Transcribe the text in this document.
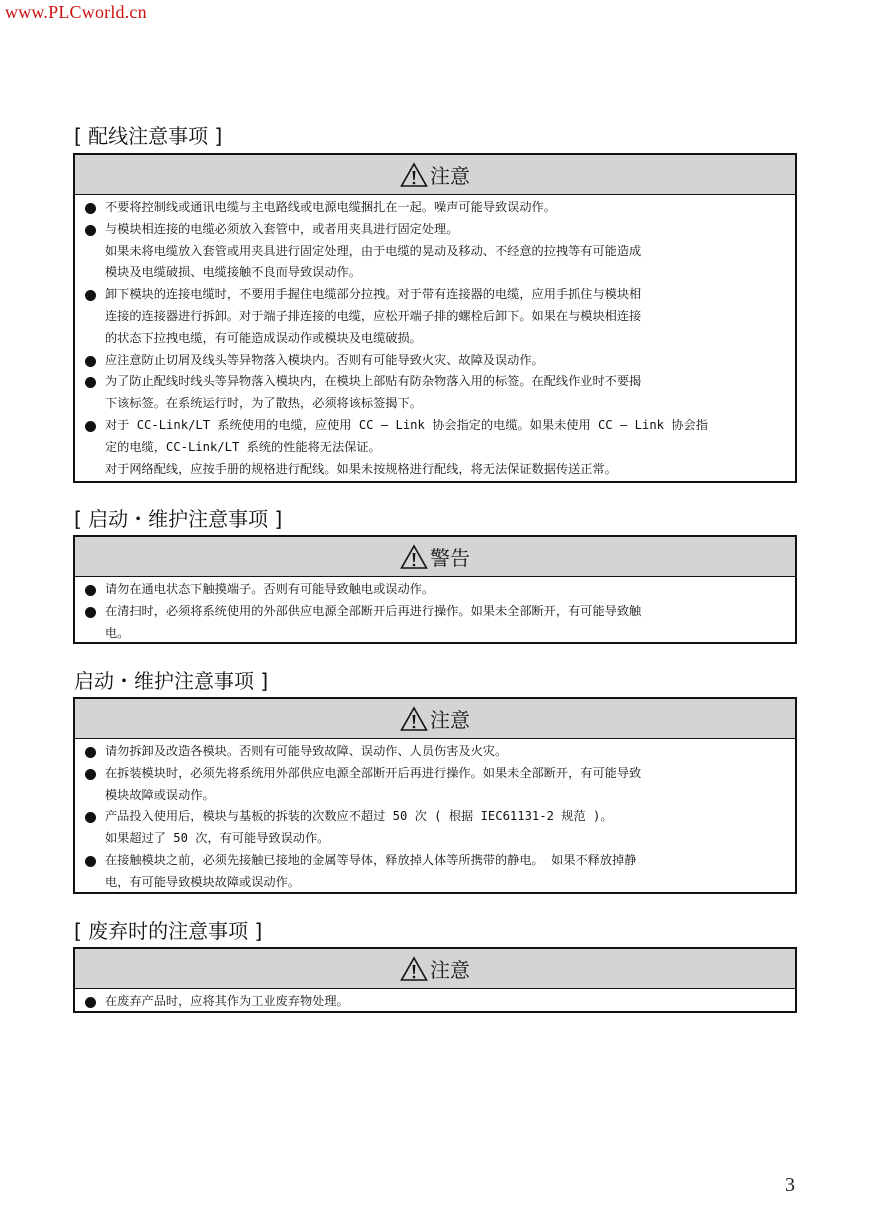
www.PLCworld.cn
[ 配线注意事项 ]
注意
不要将控制线或通讯电缆与主电路线或电源电缆捆扎在一起。噪声可能导致误动作。
与模块相连接的电缆必须放入套管中，或者用夹具进行固定处理。
如果未将电缆放入套管或用夹具进行固定处理，由于电缆的晃动及移动、不经意的拉拽等有可能造成
模块及电缆破损、电缆接触不良而导致误动作。
卸下模块的连接电缆时，不要用手握住电缆部分拉拽。对于带有连接器的电缆，应用手抓住与模块相
连接的连接器进行拆卸。对于端子排连接的电缆，应松开端子排的螺栓后卸下。如果在与模块相连接
的状态下拉拽电缆，有可能造成误动作或模块及电缆破损。
应注意防止切屑及线头等异物落入模块内。否则有可能导致火灾、故障及误动作。
为了防止配线时线头等异物落入模块内，在模块上部贴有防杂物落入用的标签。在配线作业时不要揭
下该标签。在系统运行时，为了散热，必须将该标签揭下。
对于 CC-Link/LT 系统使用的电缆，应使用 CC – Link 协会指定的电缆。如果未使用 CC – Link 协会指
定的电缆，CC-Link/LT 系统的性能将无法保证。
对于网络配线，应按手册的规格进行配线。如果未按规格进行配线，将无法保证数据传送正常。
[ 启动・维护注意事项 ]
警告
请勿在通电状态下触摸端子。否则有可能导致触电或误动作。
在清扫时，必须将系统使用的外部供应电源全部断开后再进行操作。如果未全部断开，有可能导致触
电。
启动・维护注意事项 ]
注意
请勿拆卸及改造各模块。否则有可能导致故障、误动作、人员伤害及火灾。
在拆装模块时，必须先将系统用外部供应电源全部断开后再进行操作。如果未全部断开，有可能导致
模块故障或误动作。
产品投入使用后，模块与基板的拆装的次数应不超过 50 次 ( 根据 IEC61131-2 规范 )。
如果超过了 50 次，有可能导致误动作。
在接触模块之前，必须先接触已接地的金属等导体，释放掉人体等所携带的静电。 如果不释放掉静
电，有可能导致模块故障或误动作。
[ 废弃时的注意事项 ]
注意
在废弃产品时，应将其作为工业废弃物处理。
3
